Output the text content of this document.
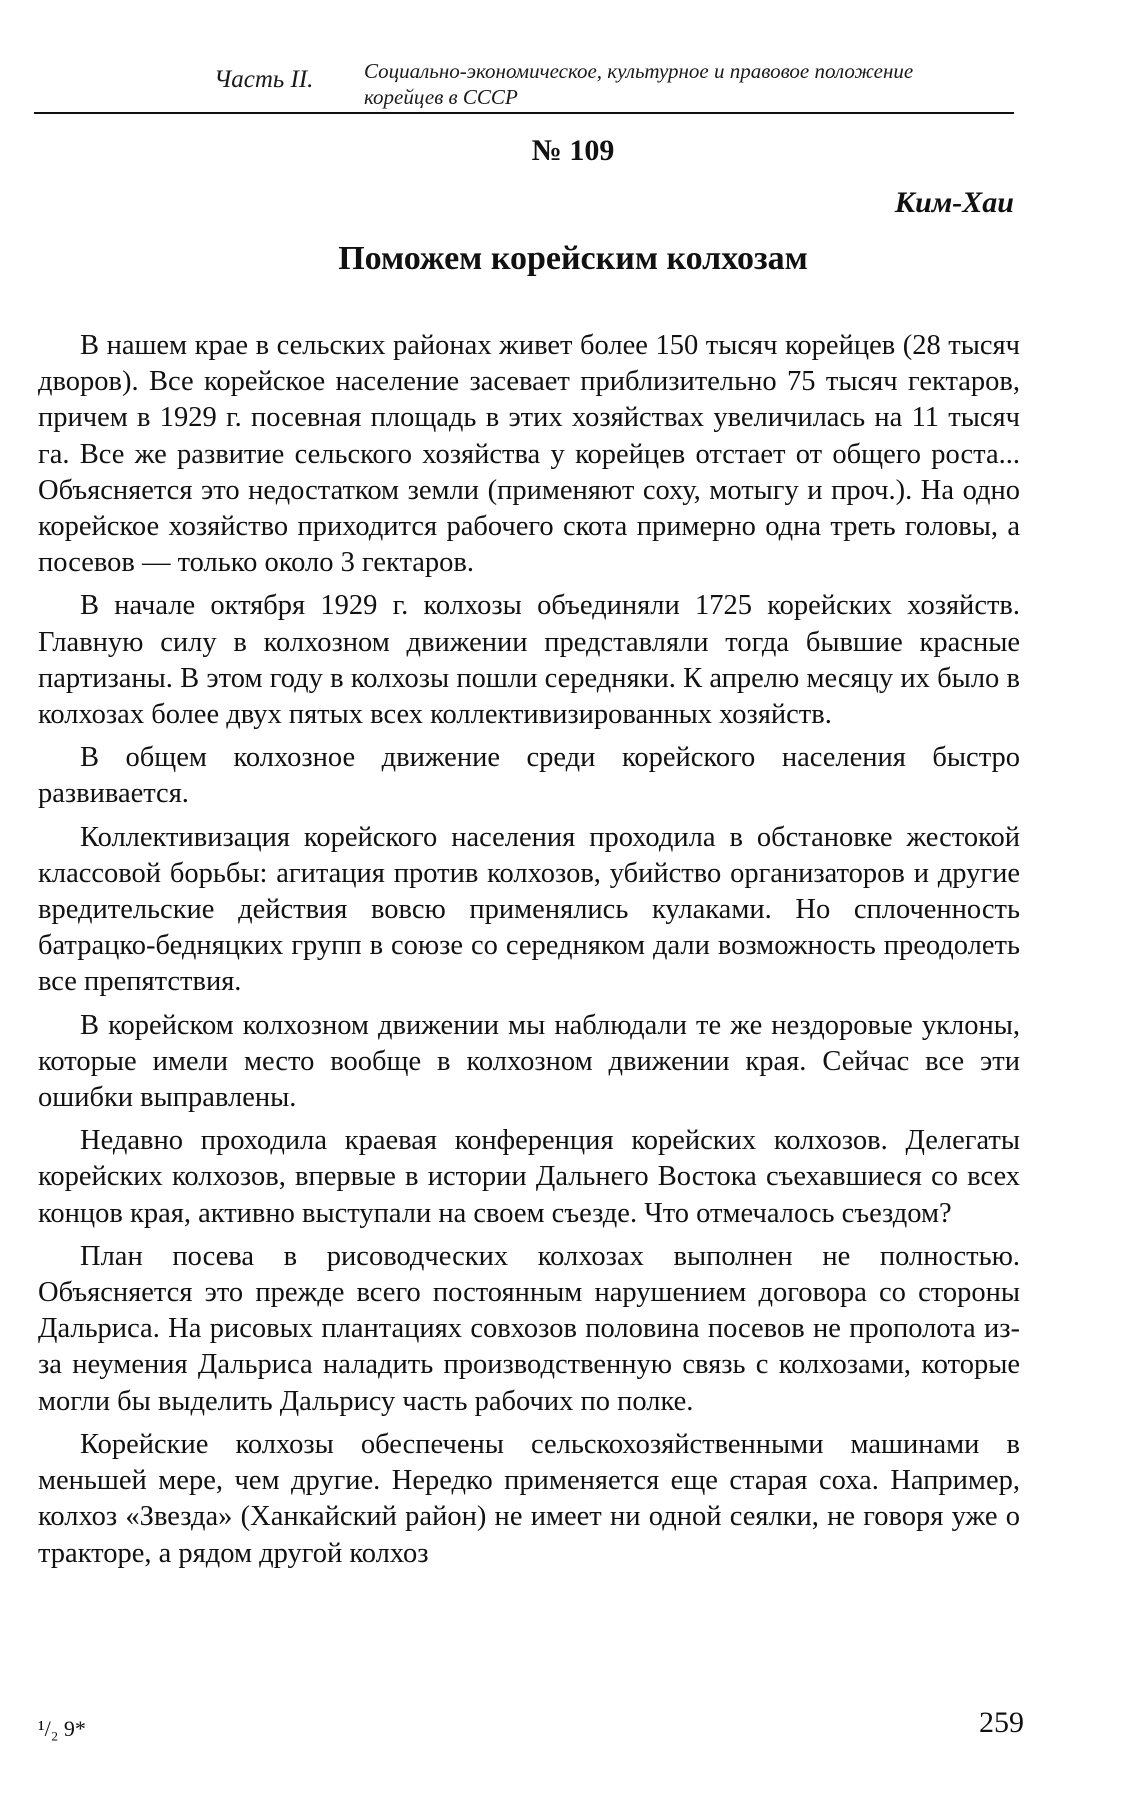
Часть II. Социально-экономическое, культурное и правовое положение
корейцев в СССР
№ 109
Ким-Хаи
Поможем корейским колхозам

В нашем крае в сельских районах живет более 150 тысяч корейцев (28 тысяч дворов). Все корейское население засевает приблизительно 75 тысяч гектаров, причем в 1929 г. посевная площадь в этих хозяйствах увеличилась на 11 тысяч га. Все же развитие сельского хозяйства у корейцев отстает от общего роста... Объясняется это недостатком земли (применяют соху, мотыгу и проч.). На одно корейское хозяйство приходится рабочего скота примерно одна треть головы, а посевов — только около 3 гектаров.

В начале октября 1929 г. колхозы объединяли 1725 корейских хозяйств. Главную силу в колхозном движении представляли тогда бывшие красные партизаны. В этом году в колхозы пошли середняки. К апрелю месяцу их было в колхозах более двух пятых всех коллективизированных хозяйств.

В общем колхозное движение среди корейского населения быстро развивается.

Коллективизация корейского населения проходила в обстановке жестокой классовой борьбы: агитация против колхозов, убийство организаторов и другие вредительские действия вовсю применялись кулаками. Но сплоченность батрацко-бедняцких групп в союзе со середняком дали возможность преодолеть все препятствия.

В корейском колхозном движении мы наблюдали те же нездоровые уклоны, которые имели место вообще в колхозном движении края. Сейчас все эти ошибки выправлены.

Недавно проходила краевая конференция корейских колхозов. Делегаты корейских колхозов, впервые в истории Дальнего Востока съехавшиеся со всех концов края, активно выступали на своем съезде. Что отмечалось съездом?

План посева в рисоводческих колхозах выполнен не полностью. Объясняется это прежде всего постоянным нарушением договора со стороны Дальриса. На рисовых плантациях совхозов половина посевов не прополота из-за неумения Дальриса наладить производственную связь с колхозами, которые могли бы выделить Дальрису часть рабочих по полке.

Корейские колхозы обеспечены сельскохозяйственными машинами в меньшей мере, чем другие. Нередко применяется еще старая соха. Например, колхоз «Звезда» (Ханкайский район) не имеет ни одной сеялки, не говоря уже о тракторе, а рядом другой колхоз

¹/₂ 9*	259
